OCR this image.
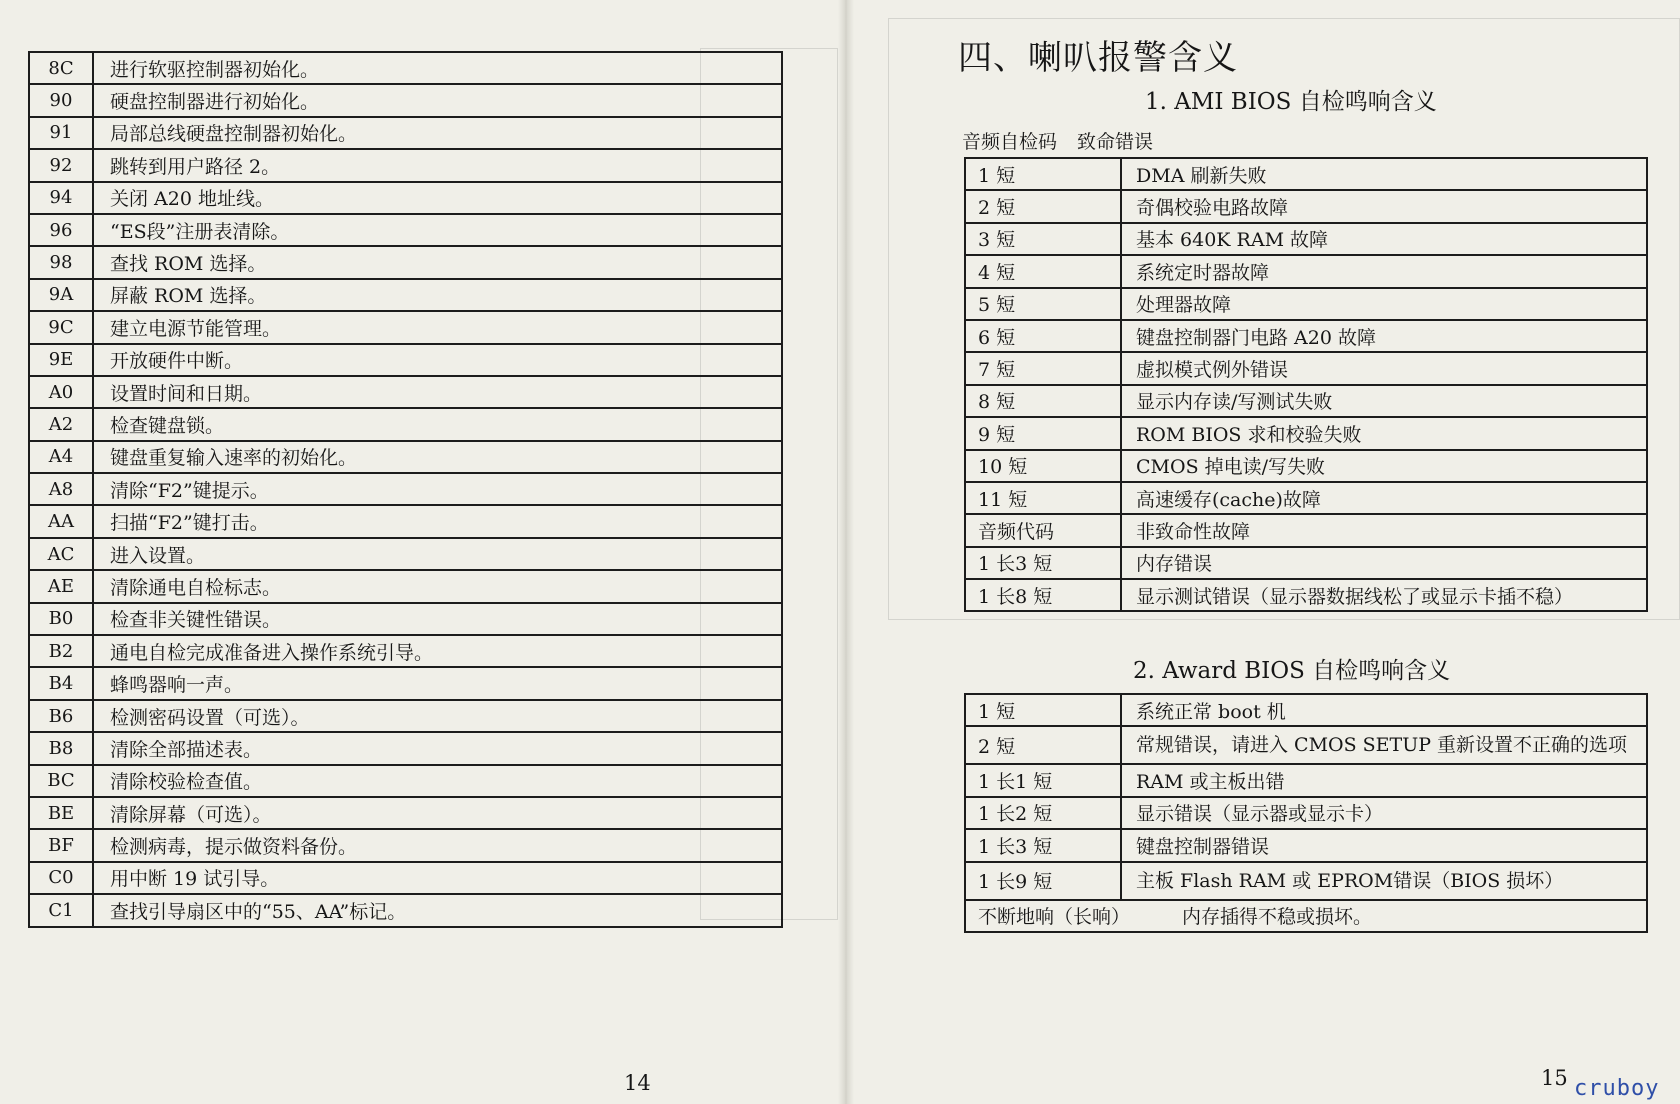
8C	进行软驱控制器初始化。
90	硬盘控制器进行初始化。
91	局部总线硬盘控制器初始化。
92	跳转到用户路径 2。
94	关闭 A20 地址线。
96	“ES段”注册表清除。
98	查找 ROM 选择。
9A	屏蔽 ROM 选择。
9C	建立电源节能管理。
9E	开放硬件中断。
A0	设置时间和日期。
A2	检查键盘锁。
A4	键盘重复输入速率的初始化。
A8	清除“F2”键提示。
AA	扫描“F2”键打击。
AC	进入设置。
AE	清除通电自检标志。
B0	检查非关键性错误。
B2	通电自检完成准备进入操作系统引导。
B4	蜂鸣器响一声。
B6	检测密码设置（可选）。
B8	清除全部描述表。
BC	清除校验检查值。
BE	清除屏幕（可选）。
BF	检测病毒，提示做资料备份。
C0	用中断 19 试引导。
C1	查找引导扇区中的“55、AA”标记。
14
四、喇叭报警含义
1. AMI BIOS 自检鸣响含义
音频自检码 致命错误
1 短	DMA 刷新失败
2 短	奇偶校验电路故障
3 短	基本 640K RAM 故障
4 短	系统定时器故障
5 短	处理器故障
6 短	键盘控制器门电路 A20 故障
7 短	虚拟模式例外错误
8 短	显示内存读/写测试失败
9 短	ROM BIOS 求和校验失败
10 短	CMOS 掉电读/写失败
11 短	高速缓存(cache)故障
音频代码	非致命性故障
1 长3 短	内存错误
1 长8 短	显示测试错误（显示器数据线松了或显示卡插不稳）
2. Award BIOS 自检鸣响含义
1 短	系统正常 boot 机
2 短	常规错误，请进入 CMOS SETUP 重新设置不正确的选项
1 长1 短	RAM 或主板出错
1 长2 短	显示错误（显示器或显示卡）
1 长3 短	键盘控制器错误
1 长9 短	主板 Flash RAM 或 EPROM错误（BIOS 损坏）
不断地响（长响） 内存插得不稳或损坏。	
15 cruboy
